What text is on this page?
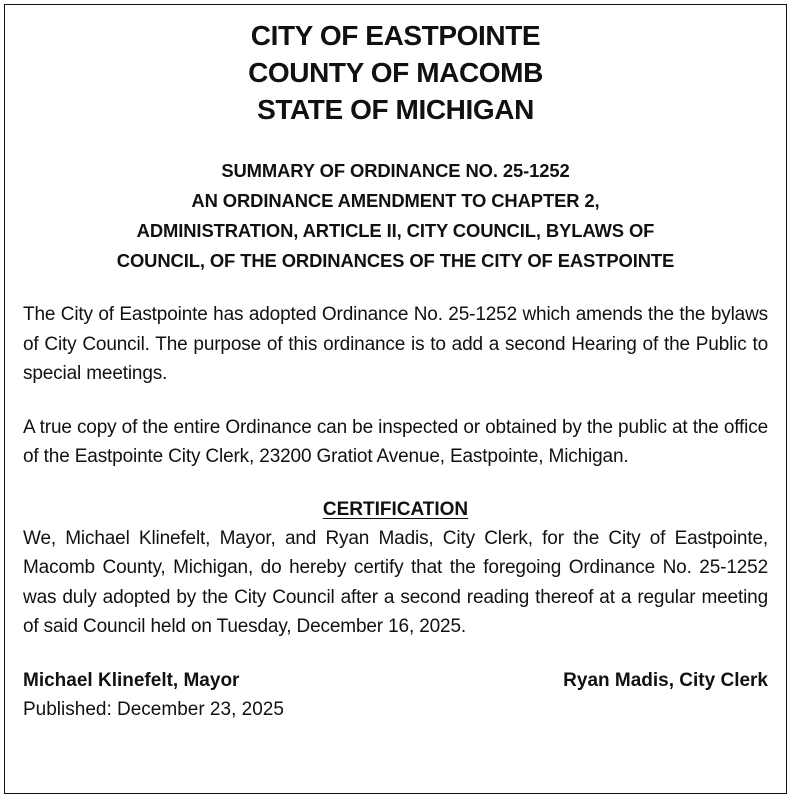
CITY OF EASTPOINTE
COUNTY OF MACOMB
STATE OF MICHIGAN
SUMMARY OF ORDINANCE NO. 25-1252
AN ORDINANCE AMENDMENT TO CHAPTER 2,
ADMINISTRATION, ARTICLE II, CITY COUNCIL, BYLAWS OF
COUNCIL, OF THE ORDINANCES OF THE CITY OF EASTPOINTE

The City of Eastpointe has adopted Ordinance No. 25-1252 which amends the the bylaws of City Council. The purpose of this ordinance is to add a second Hearing of the Public to special meetings.

A true copy of the entire Ordinance can be inspected or obtained by the public at the office of the Eastpointe City Clerk, 23200 Gratiot Avenue, Eastpointe, Michigan.

CERTIFICATION

We, Michael Klinefelt, Mayor, and Ryan Madis, City Clerk, for the City of Eastpointe, Macomb County, Michigan, do hereby certify that the foregoing Ordinance No. 25-1252 was duly adopted by the City Council after a second reading thereof at a regular meeting of said Council held on Tuesday, December 16, 2025.

Michael Klinefelt, Mayor	Ryan Madis, City Clerk
Published: December 23, 2025
